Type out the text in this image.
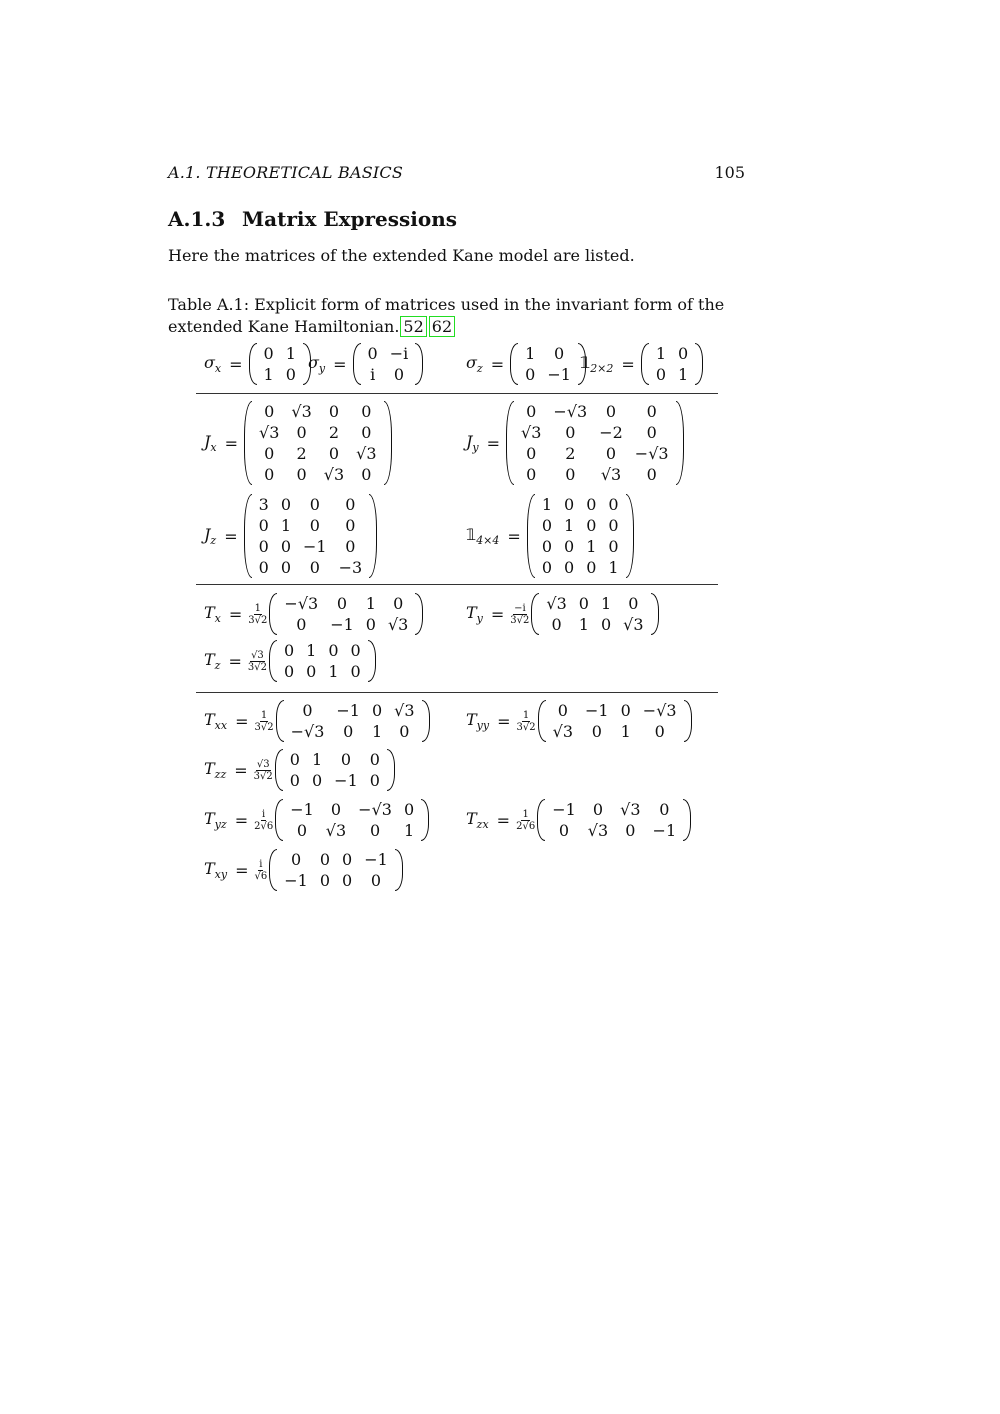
A.1. THEORETICAL BASICS	105
A.1.3 Matrix Expressions
Here the matrices of the extended Kane model are listed.
Table A.1: Explicit form of matrices used in the invariant form of the extended Kane Hamiltonian. 52 62
$\sigma_x$ =
0	1
1	0
$\sigma_y$ =
0	−i
i	0
$\sigma_z$ =
1	0
0	−1
$𝟙_{2\times 2}$ =
1	0
0	1
$J_x$ =
0	√3	0	0
√3	0	2	0
0	2	0	√3
0	0	√3	0
$J_y$ =
0	−√3	0	0
√3	0	−2	0
0	2	0	−√3
0	0	√3	0
$J_z$ =
3	0	0	0
0	1	0	0
0	0	−1	0
0	0	0	−3
$𝟙_{4\times 4}$ =
1	0	0	0
0	1	0	0
0	0	1	0
0	0	0	1
$T_x = \frac{1}{3√2} -√3$	0	1	0
0	−1	0	√3
$T_y = \frac{-i}{3√2} √3$	0	1	0
0	1	0	√3
$T_z = \frac{√3}{3√2} 0$	1	0	0
0	0	1	0
$T_{xx} = \frac{1}{3√2} 0$	−1	0	√3
−√3	0	1	0
$T_{yy} = \frac{1}{3√2} 0$	−1	0	−√3
√3	0	1	0
$T_{zz} = \frac{√3}{3√2} 0$	1	0	0
0	0	−1	0
$T_{yz} = \frac{i}{2√6} -1$	0	−√3	0
0	√3	0	1
$T_{zx} = \frac{1}{2√6} -1$	0	√3	0
0	√3	0	−1
$T_{xy} = \frac{i}{√6} 0$	0	0	−1
−1	0	0	0
